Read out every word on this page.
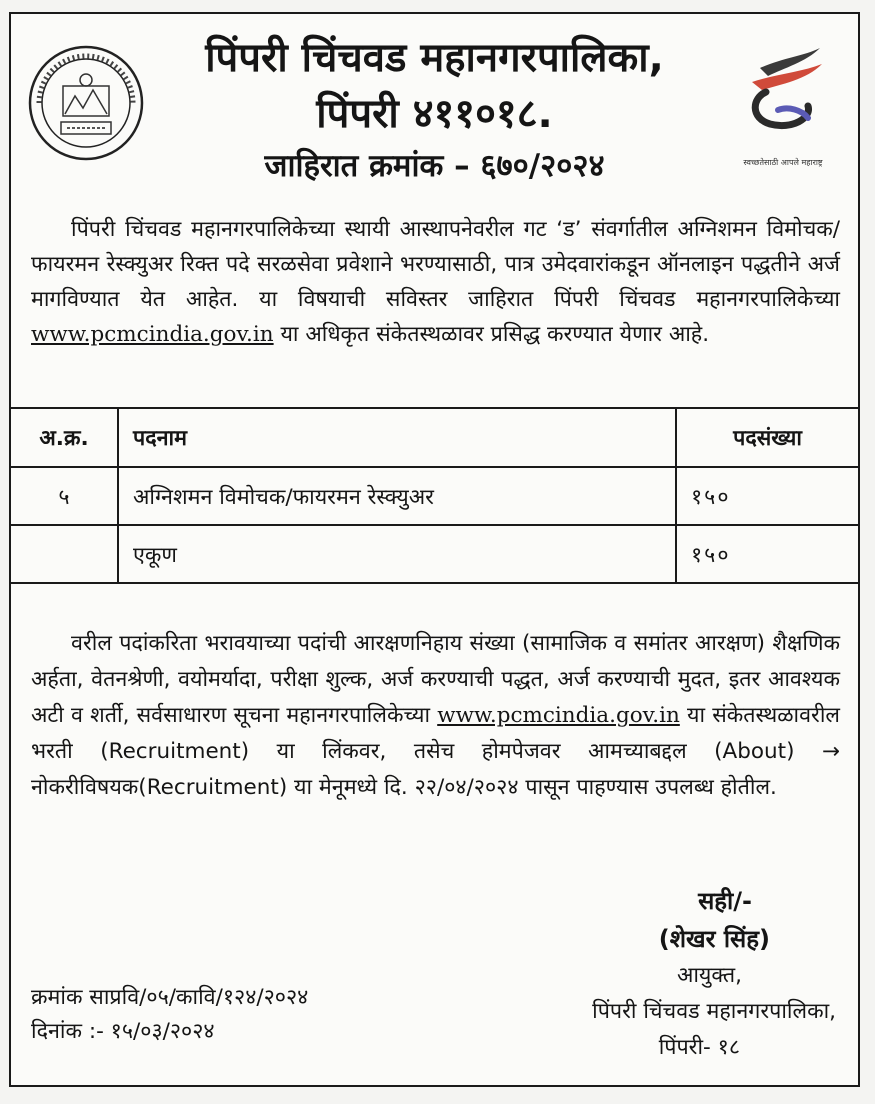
पिंपरी चिंचवड महानगरपालिका,
पिंपरी ४११०१८.
जाहिरात क्रमांक – ६७०/२०२४	स्वच्छतेसाठी आपले महाराष्ट्र
पिंपरी चिंचवड महानगरपालिकेच्या स्थायी आस्थापनेवरील गट ‘ड’ संवर्गातील अग्निशमन विमोचक/फायरमन रेस्क्युअर रिक्त पदे सरळसेवा प्रवेशाने भरण्यासाठी, पात्र उमेदवारांकडून ऑनलाइन पद्धतीने अर्ज मागविण्यात येत आहेत. या विषयाची सविस्तर जाहिरात पिंपरी चिंचवड महानगरपालिकेच्या www.pcmcindia.gov.in या अधिकृत संकेतस्थळावर प्रसिद्ध करण्यात येणार आहे.
अ.क्र.	पदनाम	पदसंख्या
५	अग्निशमन विमोचक/फायरमन रेस्क्युअर	१५०
	एकूण	१५०
वरील पदांकरिता भरावयाच्या पदांची आरक्षणनिहाय संख्या (सामाजिक व समांतर आरक्षण) शैक्षणिक अर्हता, वेतनश्रेणी, वयोमर्यादा, परीक्षा शुल्क, अर्ज करण्याची पद्धत, अर्ज करण्याची मुदत, इतर आवश्यक अटी व शर्ती, सर्वसाधारण सूचना महानगरपालिकेच्या www.pcmcindia.gov.in या संकेतस्थळावरील भरती (Recruitment) या लिंकवर, तसेच होमपेजवर आमच्याबद्दल (About) → नोकरीविषयक(Recruitment) या मेनूमध्ये दि. २२/०४/२०२४ पासून पाहण्यास उपलब्ध होतील.
सही/-
(शेखर सिंह)
आयुक्त,
पिंपरी चिंचवड महानगरपालिका,
पिंपरी- १८
क्रमांक साप्रवि/०५/कावि/१२४/२०२४
दिनांक :- १५/०३/२०२४
